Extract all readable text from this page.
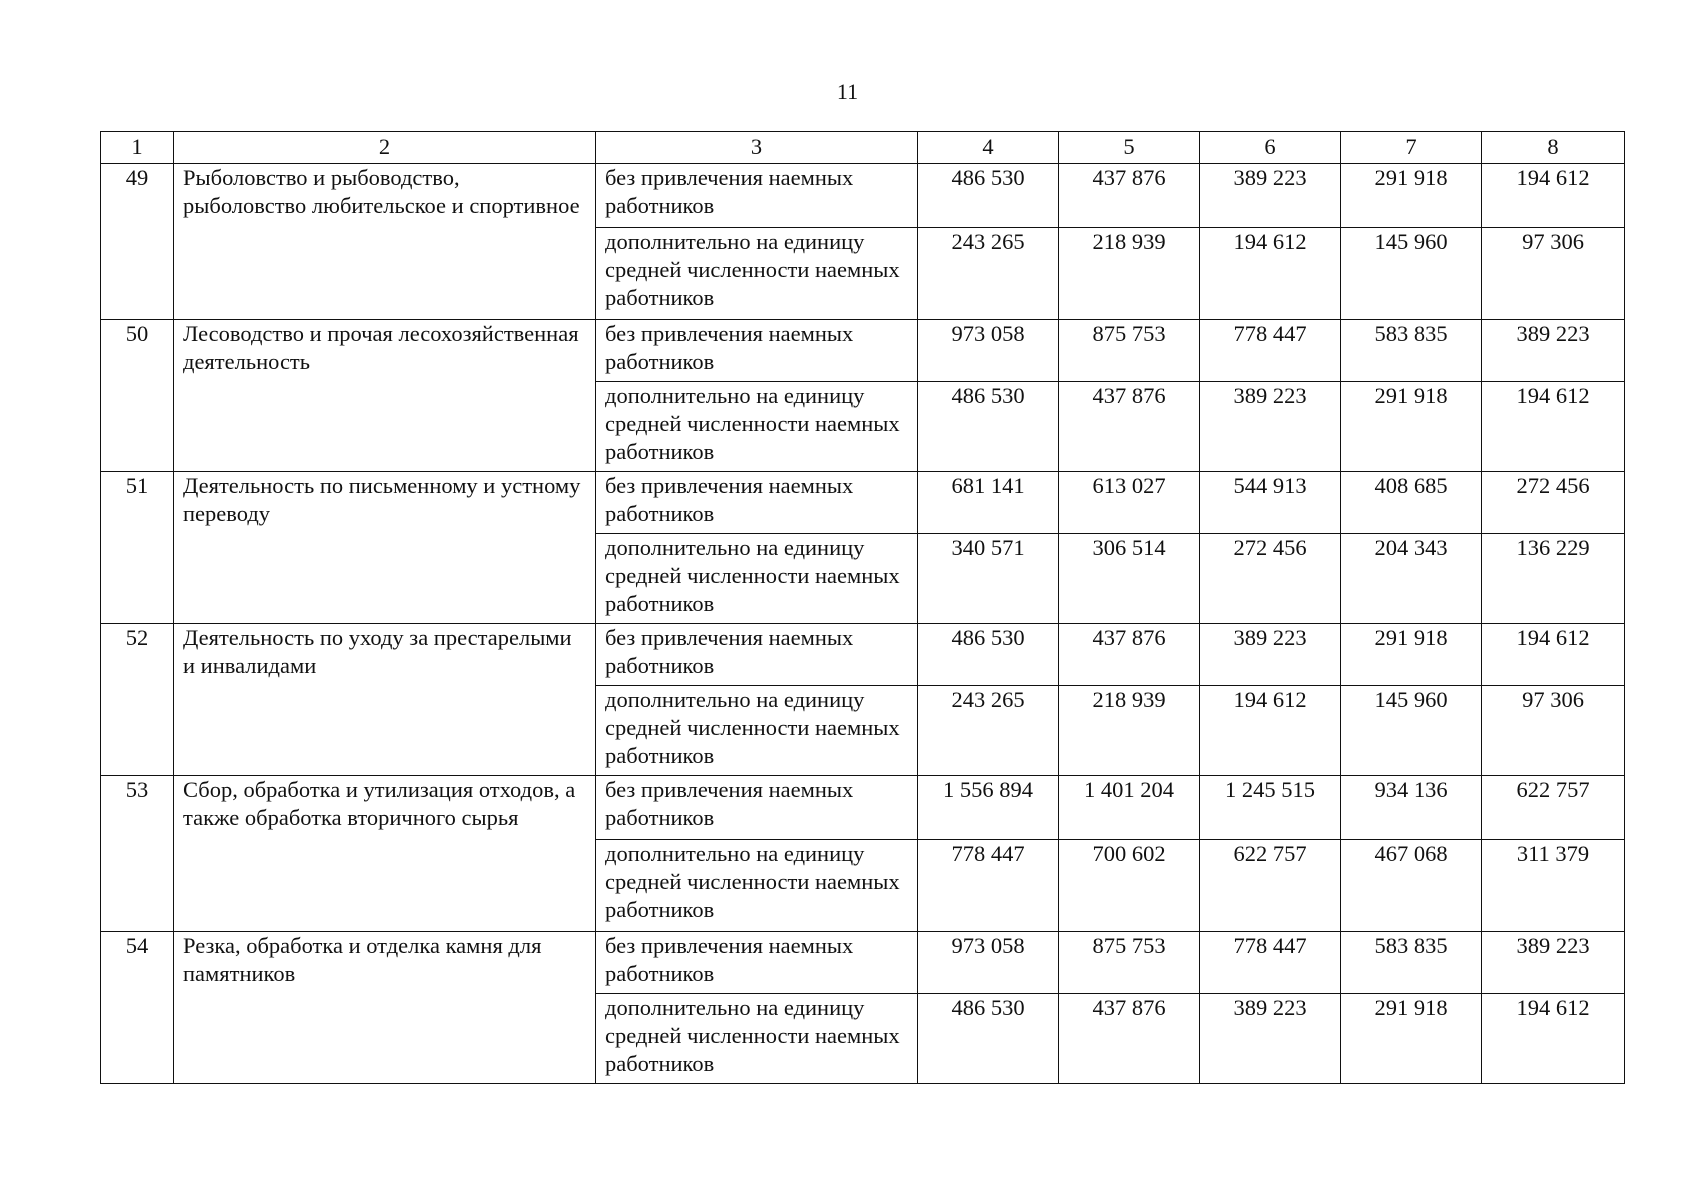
11
1	2	3	4	5	6	7	8
49	Рыболовство и рыбоводство, рыболовство любительское и спортивное	без привлечения наемных работников	486 530	437 876	389 223	291 918	194 612
		дополнительно на единицу средней численности наемных работников	243 265	218 939	194 612	145 960	97 306
50	Лесоводство и прочая лесохозяйственная деятельность	без привлечения наемных работников	973 058	875 753	778 447	583 835	389 223
		дополнительно на единицу средней численности наемных работников	486 530	437 876	389 223	291 918	194 612
51	Деятельность по письменному и устному переводу	без привлечения наемных работников	681 141	613 027	544 913	408 685	272 456
		дополнительно на единицу средней численности наемных работников	340 571	306 514	272 456	204 343	136 229
52	Деятельность по уходу за престарелыми и инвалидами	без привлечения наемных работников	486 530	437 876	389 223	291 918	194 612
		дополнительно на единицу средней численности наемных работников	243 265	218 939	194 612	145 960	97 306
53	Сбор, обработка и утилизация отходов, а также обработка вторичного сырья	без привлечения наемных работников	1 556 894	1 401 204	1 245 515	934 136	622 757
		дополнительно на единицу средней численности наемных работников	778 447	700 602	622 757	467 068	311 379
54	Резка, обработка и отделка камня для памятников	без привлечения наемных работников	973 058	875 753	778 447	583 835	389 223
		дополнительно на единицу средней численности наемных работников	486 530	437 876	389 223	291 918	194 612
